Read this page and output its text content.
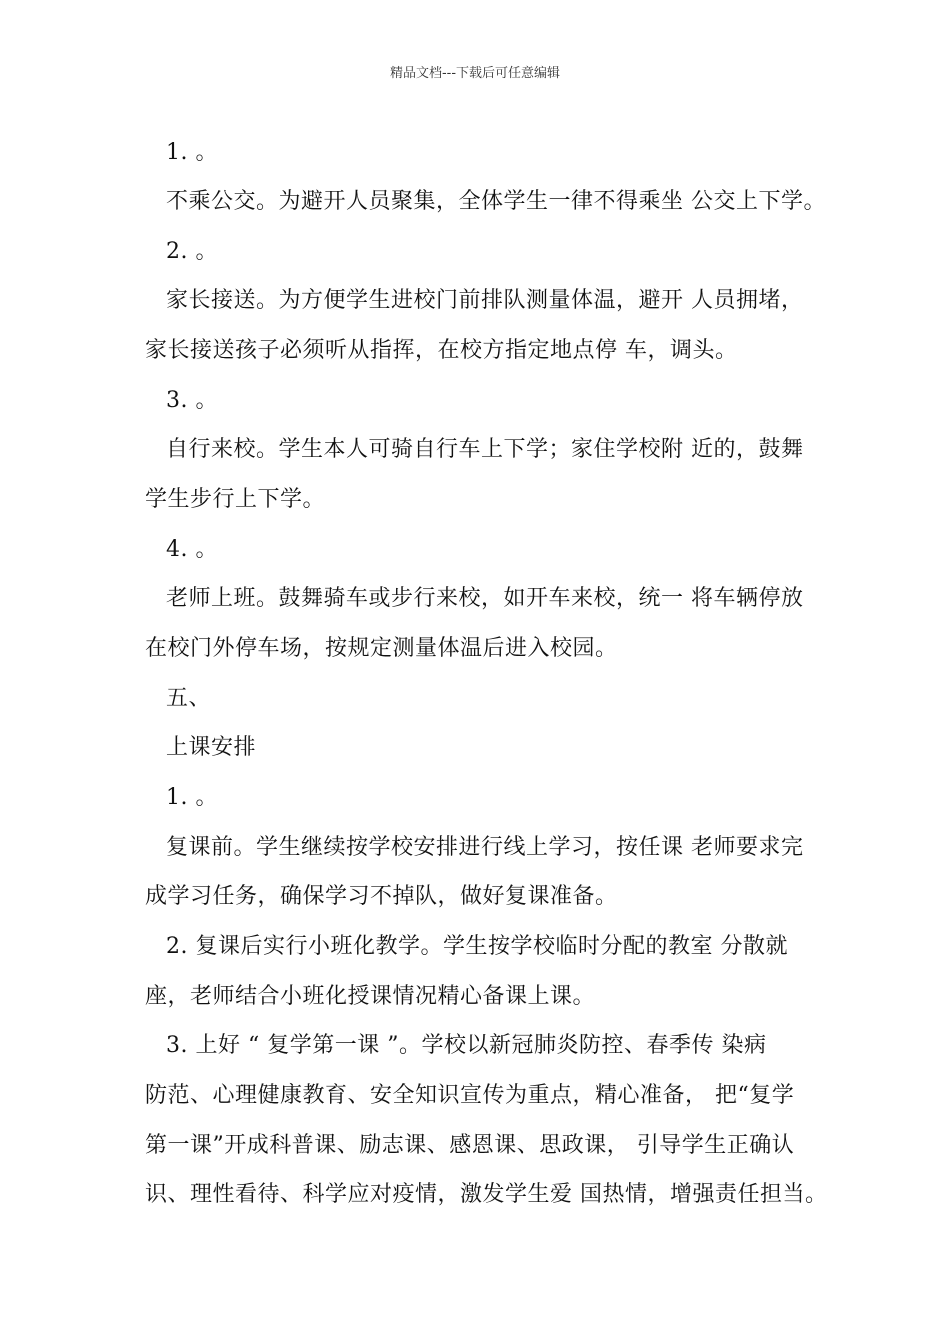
精品文档---下载后可任意编辑
1. 。
不乘公交。为避开人员聚集，全体学生一律不得乘坐 公交上下学。
2. 。
家长接送。为方便学生进校门前排队测量体温，避开 人员拥堵，
家长接送孩子必须听从指挥，在校方指定地点停 车，调头。
3. 。
自行来校。学生本人可骑自行车上下学；家住学校附 近的，鼓舞
学生步行上下学。
4. 。
老师上班。鼓舞骑车或步行来校，如开车来校，统一 将车辆停放
在校门外停车场，按规定测量体温后进入校园。
五、
上课安排
1. 。
复课前。学生继续按学校安排进行线上学习，按任课 老师要求完
成学习任务，确保学习不掉队，做好复课准备。
2. 复课后实行小班化教学。学生按学校临时分配的教室 分散就
座，老师结合小班化授课情况精心备课上课。
3. 上好 “ 复学第一课 ”。学校以新冠肺炎防控、春季传 染病
防范、心理健康教育、安全知识宣传为重点，精心准备， 把“复学
第一课”开成科普课、励志课、感恩课、思政课， 引导学生正确认
识、理性看待、科学应对疫情，激发学生爱 国热情，增强责任担当。
